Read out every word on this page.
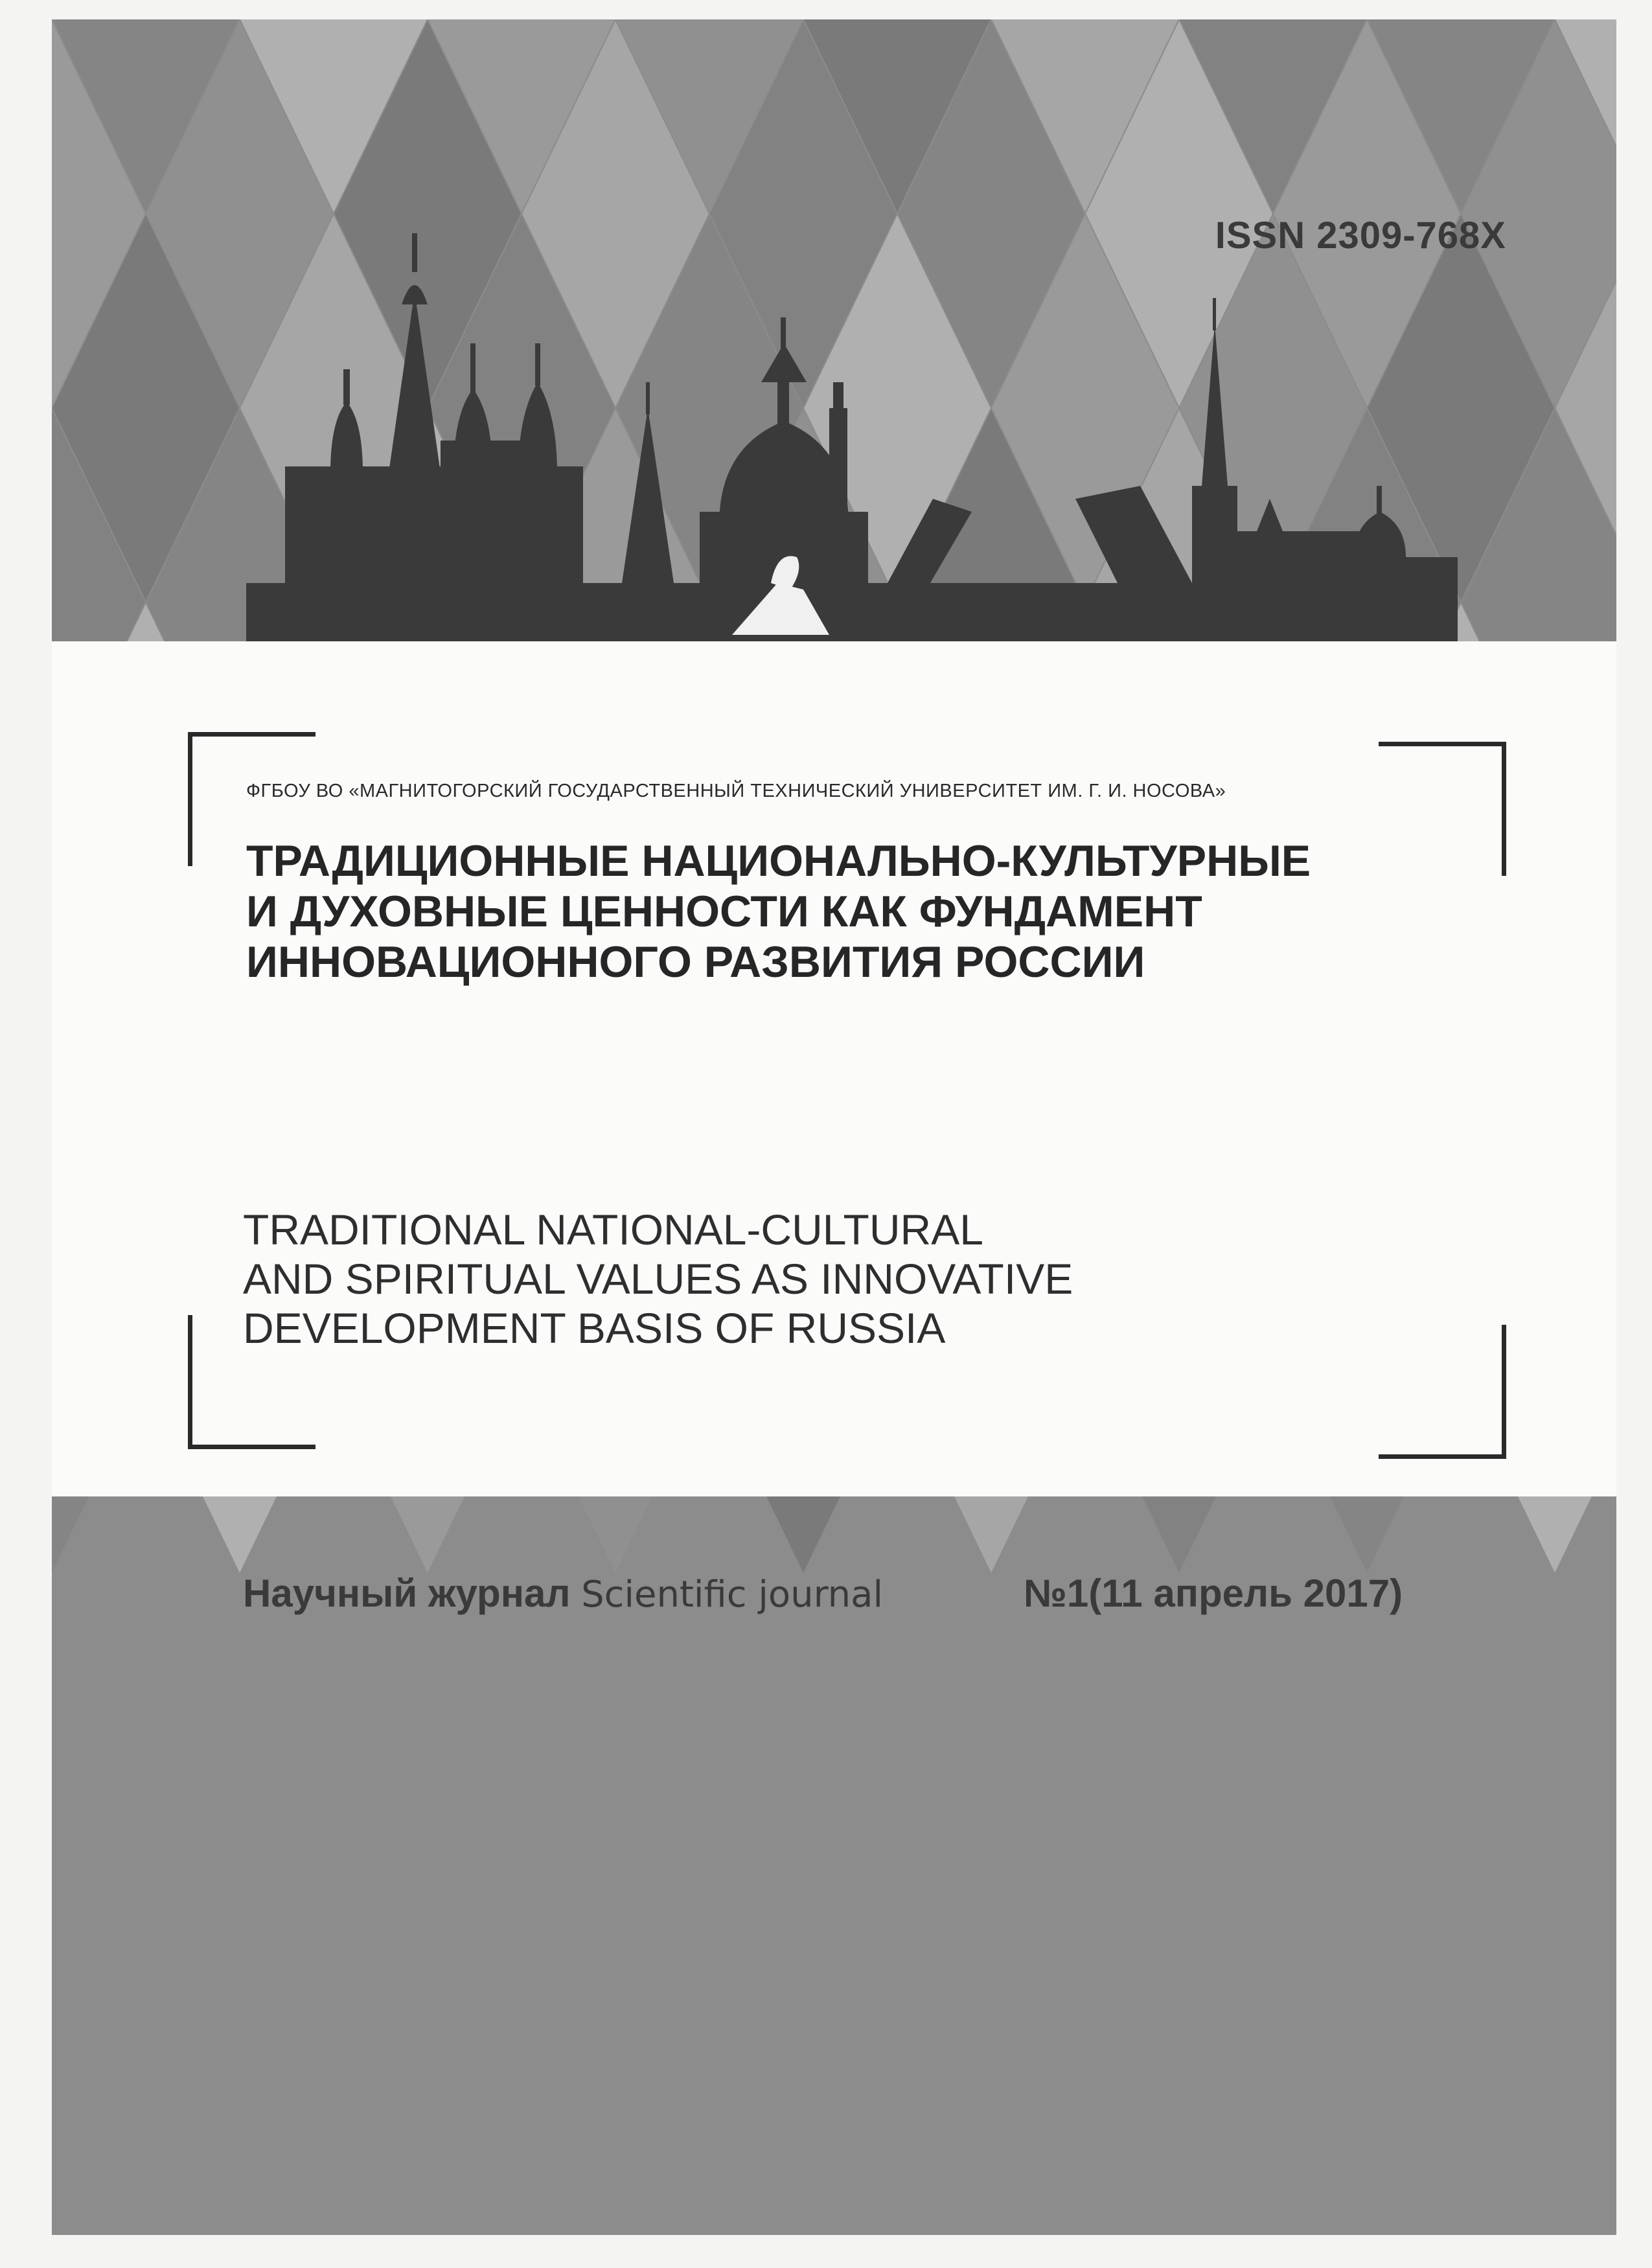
ISSN 2309-768X
ФГБОУ ВО «МАГНИТОГОРСКИЙ ГОСУДАРСТВЕННЫЙ ТЕХНИЧЕСКИЙ УНИВЕРСИТЕТ ИМ. Г. И. НОСОВА»
ТРАДИЦИОННЫЕ НАЦИОНАЛЬНО-КУЛЬТУРНЫЕ
И ДУХОВНЫЕ ЦЕННОСТИ КАК ФУНДАМЕНТ
ИННОВАЦИОННОГО РАЗВИТИЯ РОССИИ
TRADITIONAL NATIONAL-CULTURAL
AND SPIRITUAL VALUES AS INNOVATIVE
DEVELOPMENT BASIS OF RUSSIA
Научный журнал Scientific journal	№1(11 апрель 2017)
